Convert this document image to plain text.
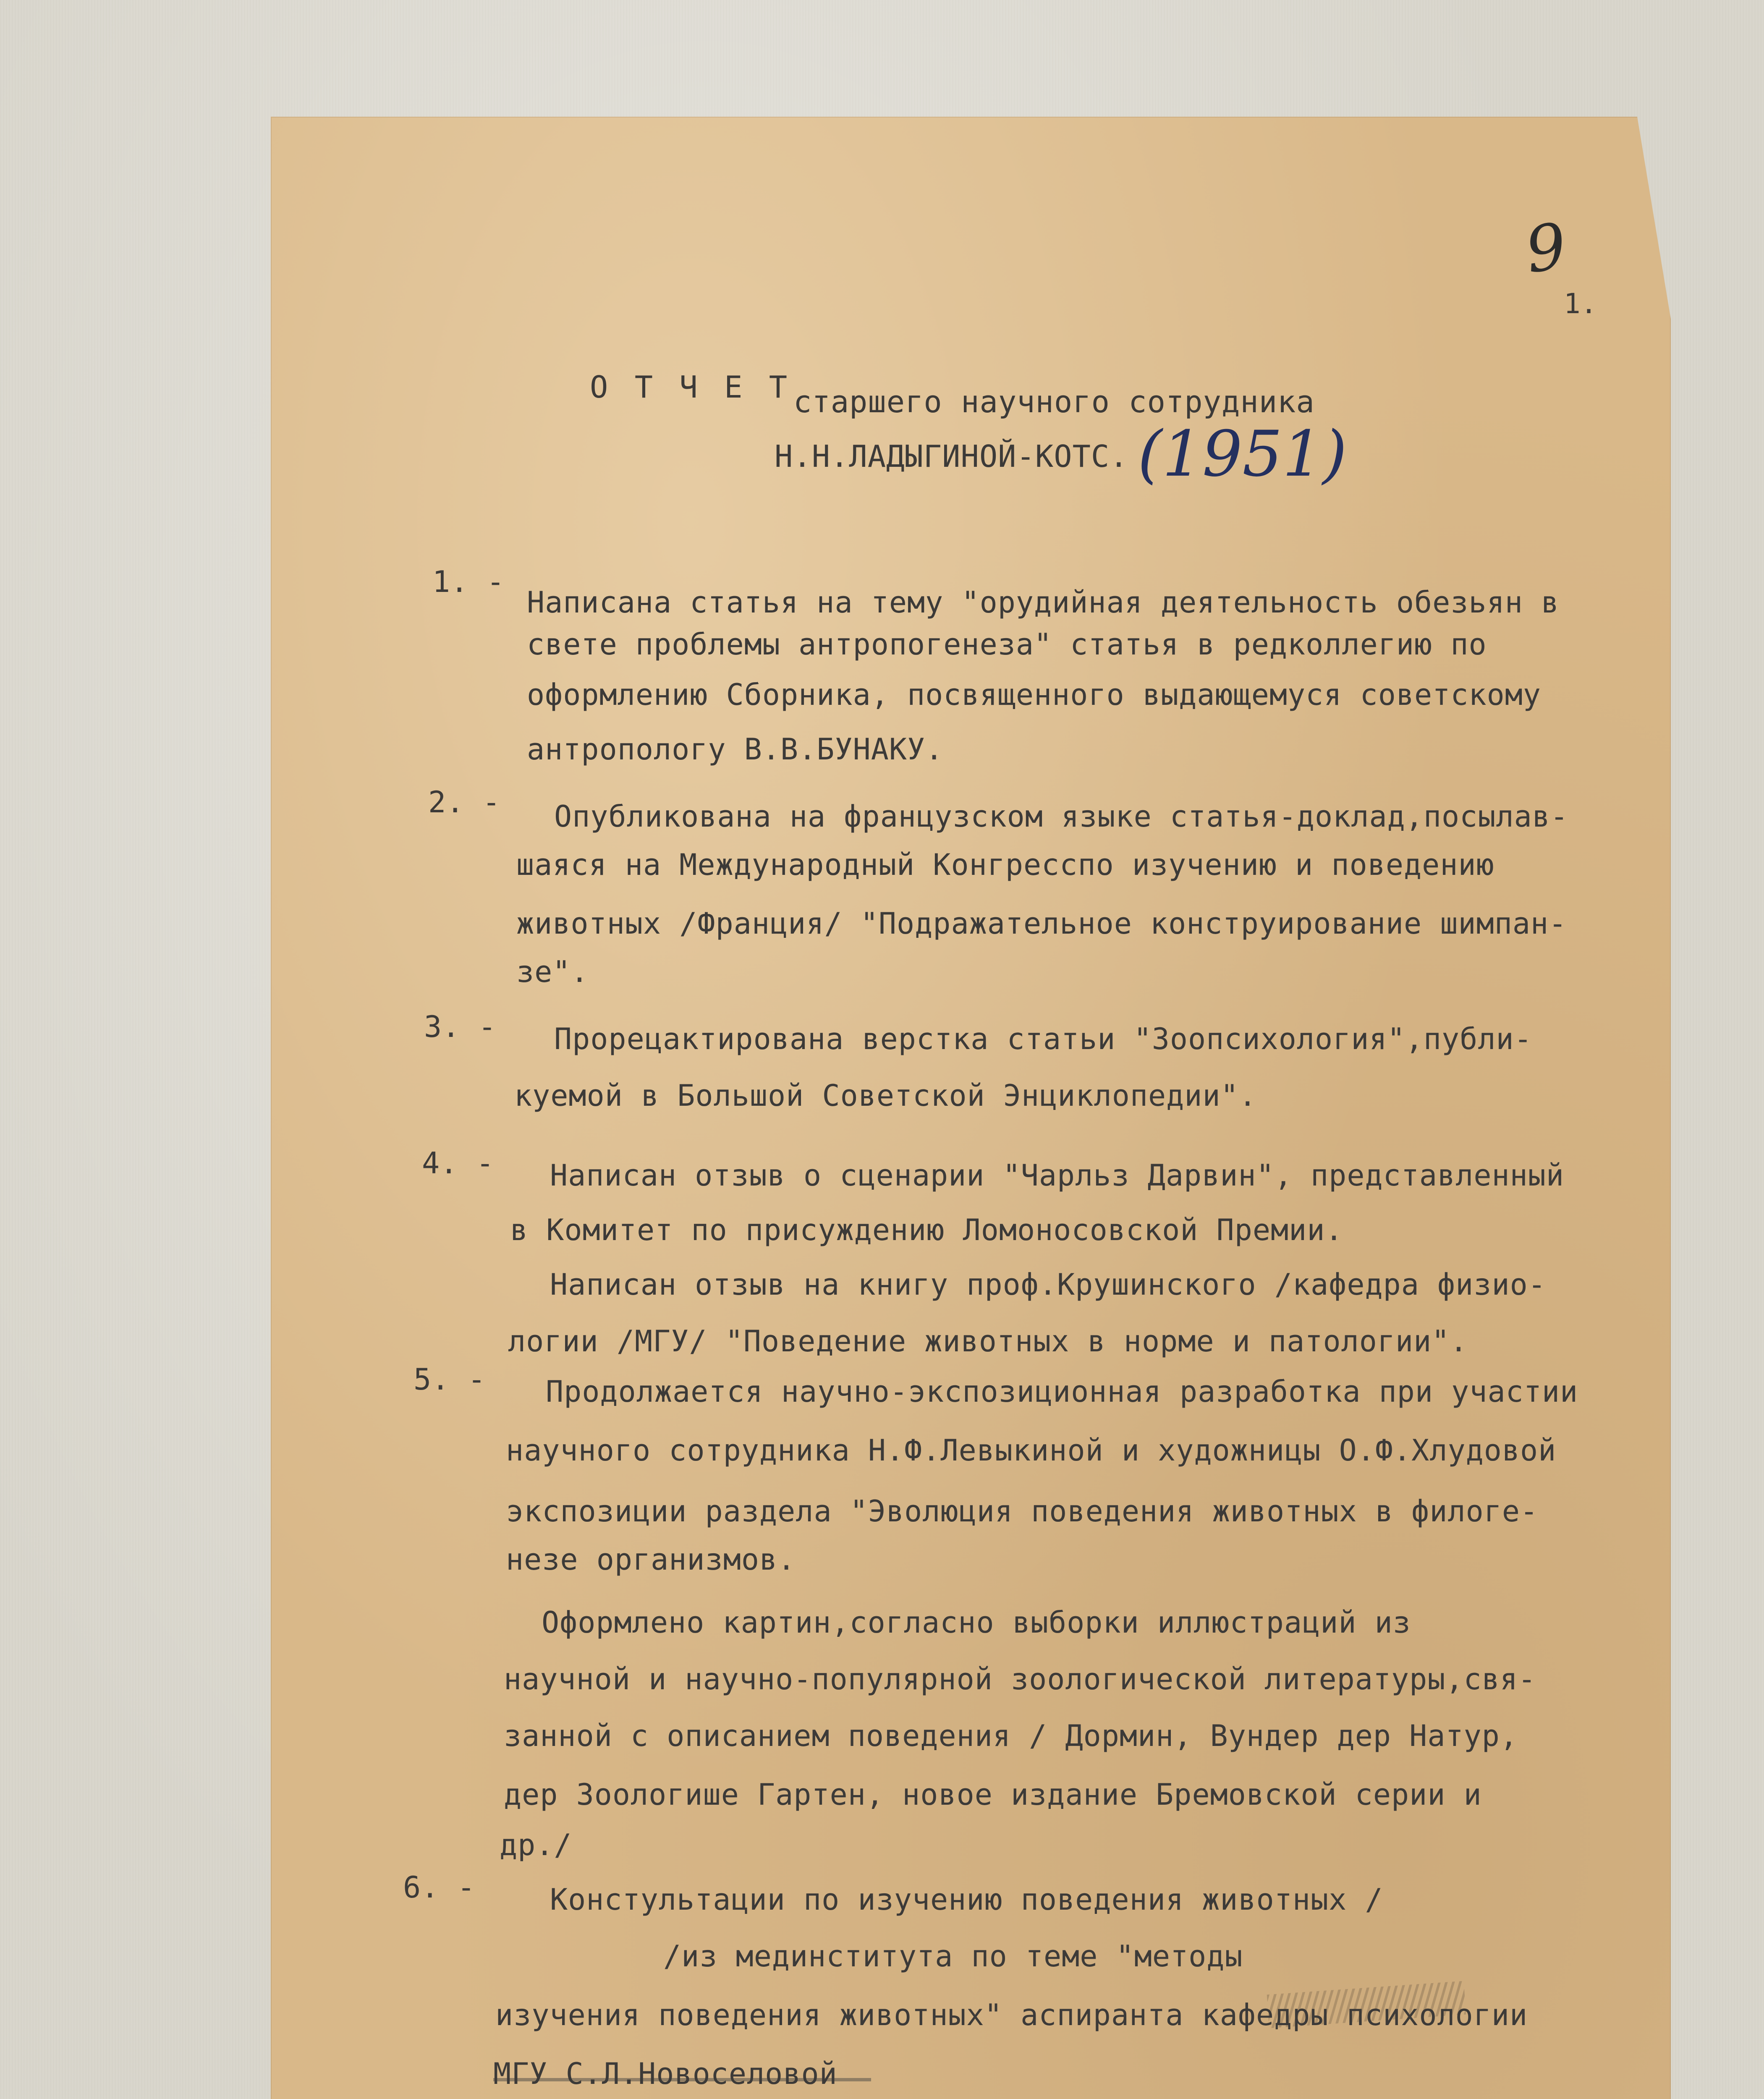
9
1.
О Т Ч Е Т старшего научного сотрудника
Н.Н.ЛАДЫГИНОЙ-КОТС. (1951)
1. -
Написана статья на тему "орудийная деятельность обезьян в
свете проблемы антропогенеза" статья в редколлегию по
оформлению Сборника, посвященного выдающемуся советскому
антропологу В.В.БУНАКУ.
2. - Опубликована на французском языке статья-доклад,посылав-
шаяся на Международный Конгресспо изучению и поведению
животных /Франция/ "Подражательное конструирование шимпан-
зе".
3. - Прорецактирована верстка статьи "Зоопсихология",публи-
куемой в Большой Советской Энциклопедии".
4. - Написан отзыв о сценарии "Чарльз Дарвин", представленный
в Комитет по присуждению Ломоносовской Премии.
Написан отзыв на книгу проф.Крушинского /кафедра физио-
логии /МГУ/ "Поведение животных в норме и патологии".
5. - Продолжается научно-экспозиционная разработка при участии
научного сотрудника Н.Ф.Левыкиной и художницы О.Ф.Хлудовой
экспозиции раздела "Эволюция поведения животных в филоге-
незе организмов.
Оформлено картин,согласно выборки иллюстраций из
научной и научно-популярной зоологической литературы,свя-
занной с описанием поведения / Дормин, Вундер дер Натур,
дер Зоологише Гартен, новое издание Бремовской серии и
др./
6. -	Констультации по изучению поведения животных /
/из мединститута по теме "методы
изучения поведения животных" аспиранта кафедры психологии
МГУ С.Л.Новоселовой
